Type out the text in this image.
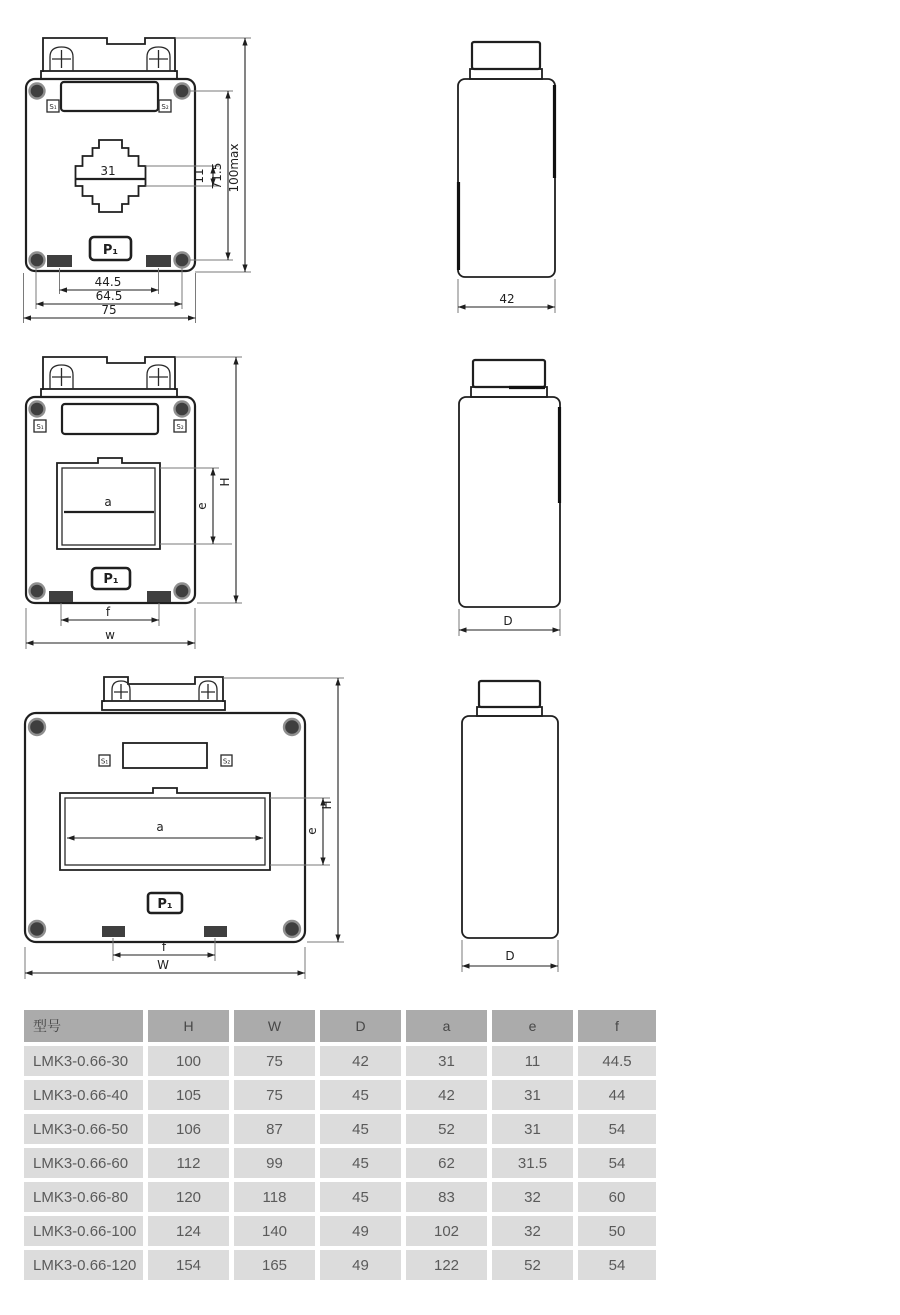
S₁	S₂
31
P₁
44.5
64.5
75
11 71.5 100max
42
S₁	S₂
a
P₁
e
H
f
w
D
S₁	S₂
a
P₁
e
H
f
W
D
型号	H	W	D	a	e	f
LMK3-0.66-30	100	75	42	31	11	44.5
LMK3-0.66-40	105	75	45	42	31	44
LMK3-0.66-50	106	87	45	52	31	54
LMK3-0.66-60	112	99	45	62	31.5	54
LMK3-0.66-80	120	118	45	83	32	60
LMK3-0.66-100	124	140	49	102	32	50
LMK3-0.66-120	154	165	49	122	52	54
